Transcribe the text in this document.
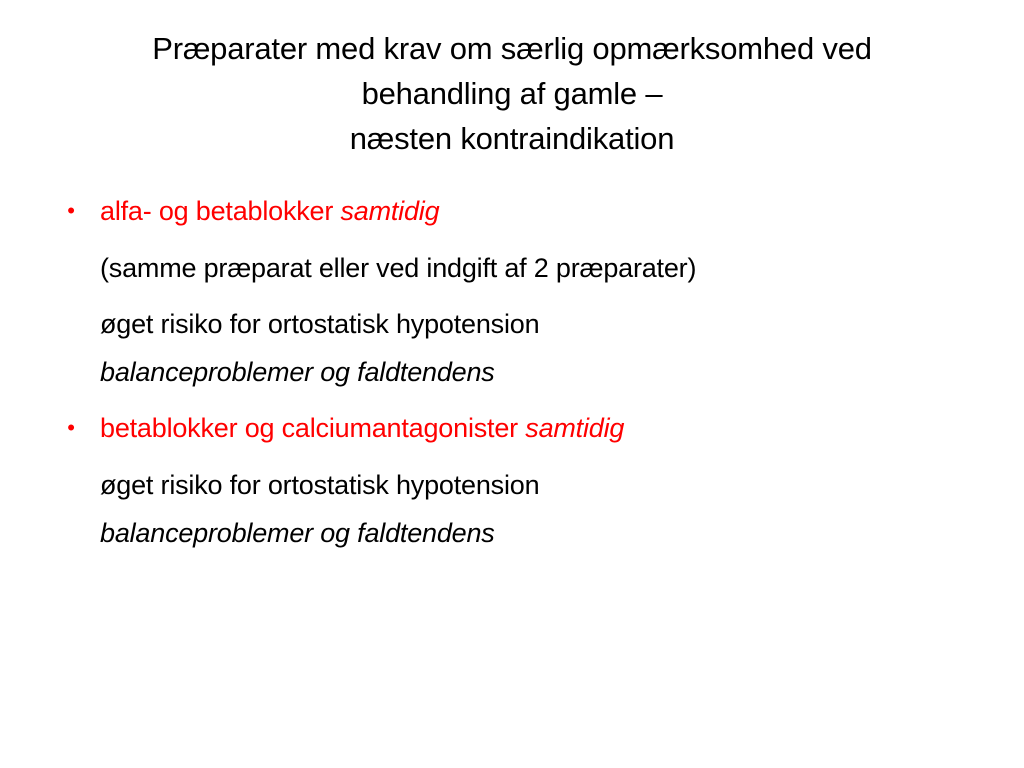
Præparater med krav om særlig opmærksomhed ved
behandling af gamle –
næsten kontraindikation
• alfa- og betablokker samtidig
(samme præparat eller ved indgift af 2 præparater)
øget risiko for ortostatisk hypotension
balanceproblemer og faldtendens
• betablokker og calciumantagonister samtidig
øget risiko for ortostatisk hypotension
balanceproblemer og faldtendens
